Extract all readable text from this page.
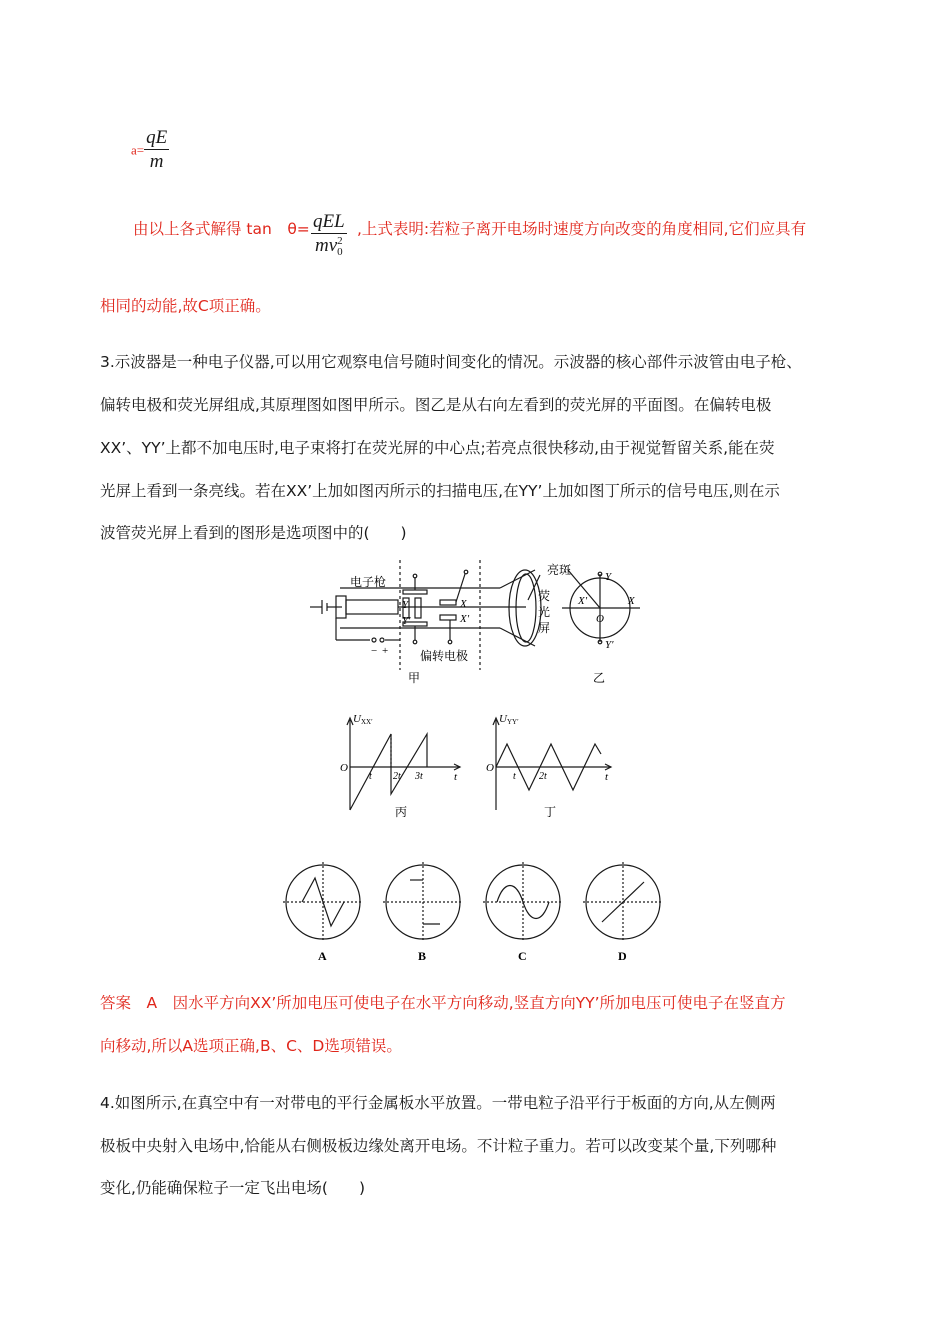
$a= \frac{qE}{m}$
由以上各式解得 tan　θ= qEL
mv 2
0 ,上式表明:若粒子离开电场时速度方向改变的角度相同,它们应具有
相同的动能,故C项正确。
3.示波器是一种电子仪器,可以用它观察电信号随时间变化的情况。示波器的核心部件示波管由电子枪、
偏转电极和荧光屏组成,其原理图如图甲所示。图乙是从右向左看到的荧光屏的平面图。在偏转电极
XX’、YY’上都不加电压时,电子束将打在荧光屏的中心点;若亮点很快移动,由于视觉暂留关系,能在荧
光屏上看到一条亮线。若在XX’上加如图丙所示的扫描电压,在YY’上加如图丁所示的信号电压,则在示
波管荧光屏上看到的图形是选项图中的(　　)
电子枪
亮斑
荧
光
屏
偏转电极
− +
X
X′
Y
Y′
Y
Y′
X
X′
O
甲	乙
U XX′
O
t 2t 3t	t
丙
U YY′
O
t 2t	t
丁
A	B	C	D
答案　A　因水平方向XX’所加电压可使电子在水平方向移动,竖直方向YY’所加电压可使电子在竖直方
向移动,所以A选项正确,B、C、D选项错误。
4.如图所示,在真空中有一对带电的平行金属板水平放置。一带电粒子沿平行于板面的方向,从左侧两
极板中央射入电场中,恰能从右侧极板边缘处离开电场。不计粒子重力。若可以改变某个量,下列哪种
变化,仍能确保粒子一定飞出电场(　　)
